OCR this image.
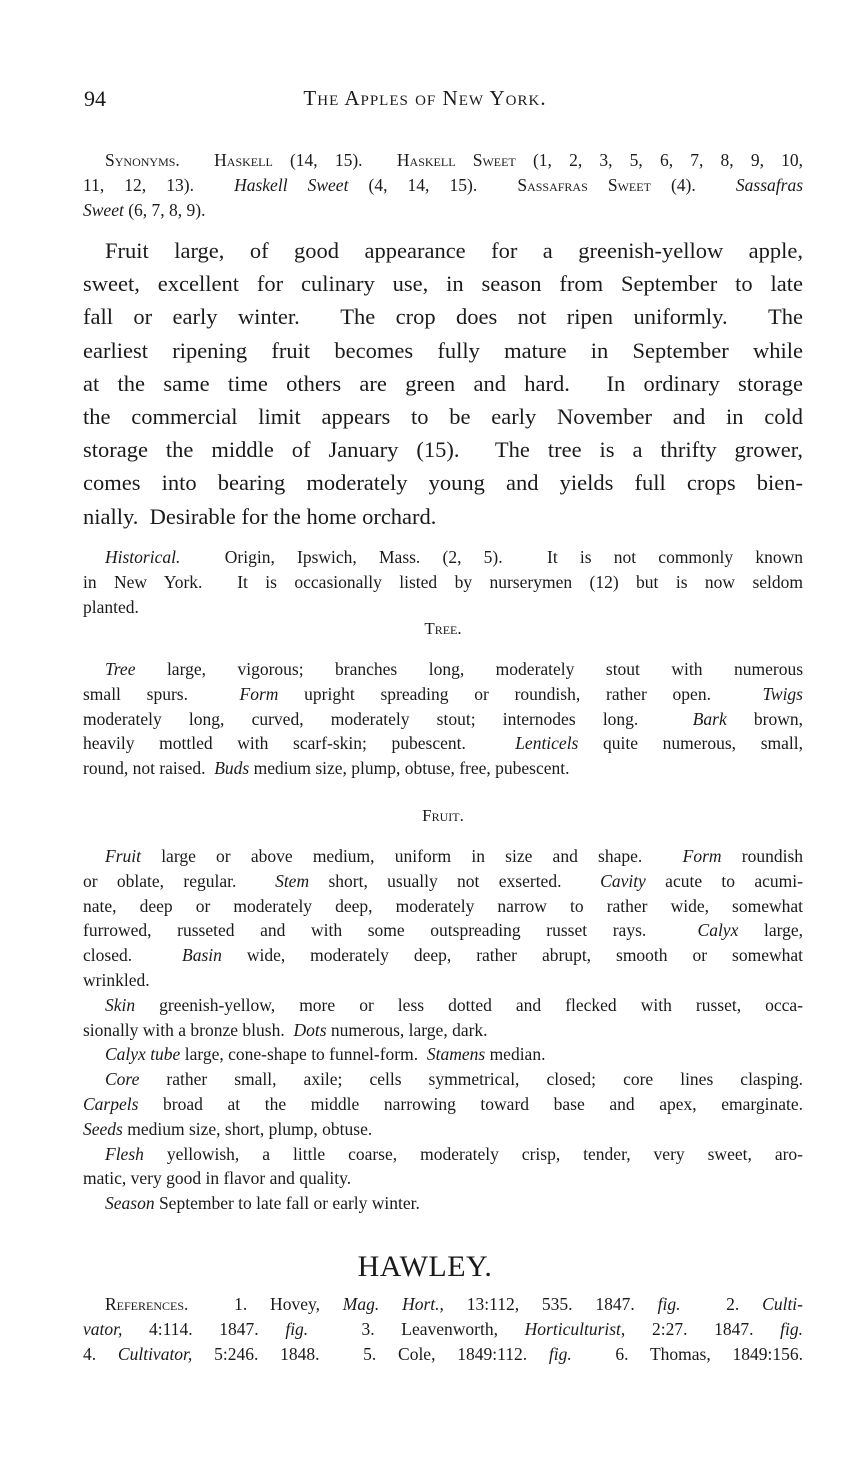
94	The Apples of New York.
Synonyms. Haskell (14, 15).  Haskell Sweet (1, 2, 3, 5, 6, 7, 8, 9, 10,
11, 12, 13).  Haskell Sweet (4, 14, 15).  Sassafras Sweet (4).  Sassafras
Sweet (6, 7, 8, 9).
Fruit large, of good appearance for a greenish-yellow apple,
sweet, excellent for culinary use, in season from September to late
fall or early winter.  The crop does not ripen uniformly.  The
earliest ripening fruit becomes fully mature in September while
at the same time others are green and hard.  In ordinary storage
the commercial limit appears to be early November and in cold
storage the middle of January (15).  The tree is a thrifty grower,
comes into bearing moderately young and yields full crops bien-
nially.  Desirable for the home orchard.
Historical.  Origin, Ipswich, Mass. (2, 5).  It is not commonly known
in New York.  It is occasionally listed by nurserymen (12) but is now seldom
planted.
Tree.
Tree large, vigorous; branches long, moderately stout with numerous
small spurs.  Form upright spreading or roundish, rather open.  Twigs
moderately long, curved, moderately stout; internodes long.  Bark brown,
heavily mottled with scarf-skin; pubescent.  Lenticels quite numerous, small,
round, not raised.  Buds medium size, plump, obtuse, free, pubescent.
Fruit.
Fruit large or above medium, uniform in size and shape.  Form roundish
or oblate, regular.  Stem short, usually not exserted.  Cavity acute to acumi-
nate, deep or moderately deep, moderately narrow to rather wide, somewhat
furrowed, russeted and with some outspreading russet rays.  Calyx large,
closed.  Basin wide, moderately deep, rather abrupt, smooth or somewhat
wrinkled.
Skin greenish-yellow, more or less dotted and flecked with russet, occa-
sionally with a bronze blush.  Dots numerous, large, dark.
Calyx tube large, cone-shape to funnel-form.  Stamens median.
Core rather small, axile; cells symmetrical, closed; core lines clasping.
Carpels broad at the middle narrowing toward base and apex, emarginate.
Seeds medium size, short, plump, obtuse.
Flesh yellowish, a little coarse, moderately crisp, tender, very sweet, aro-
matic, very good in flavor and quality.
Season September to late fall or early winter.
HAWLEY.
References.  1. Hovey, Mag. Hort., 13:112, 535. 1847. fig.  2. Culti-
vator, 4:114. 1847. fig.  3. Leavenworth, Horticulturist, 2:27. 1847. fig.
4. Cultivator, 5:246. 1848.  5. Cole, 1849:112. fig.  6. Thomas, 1849:156.
